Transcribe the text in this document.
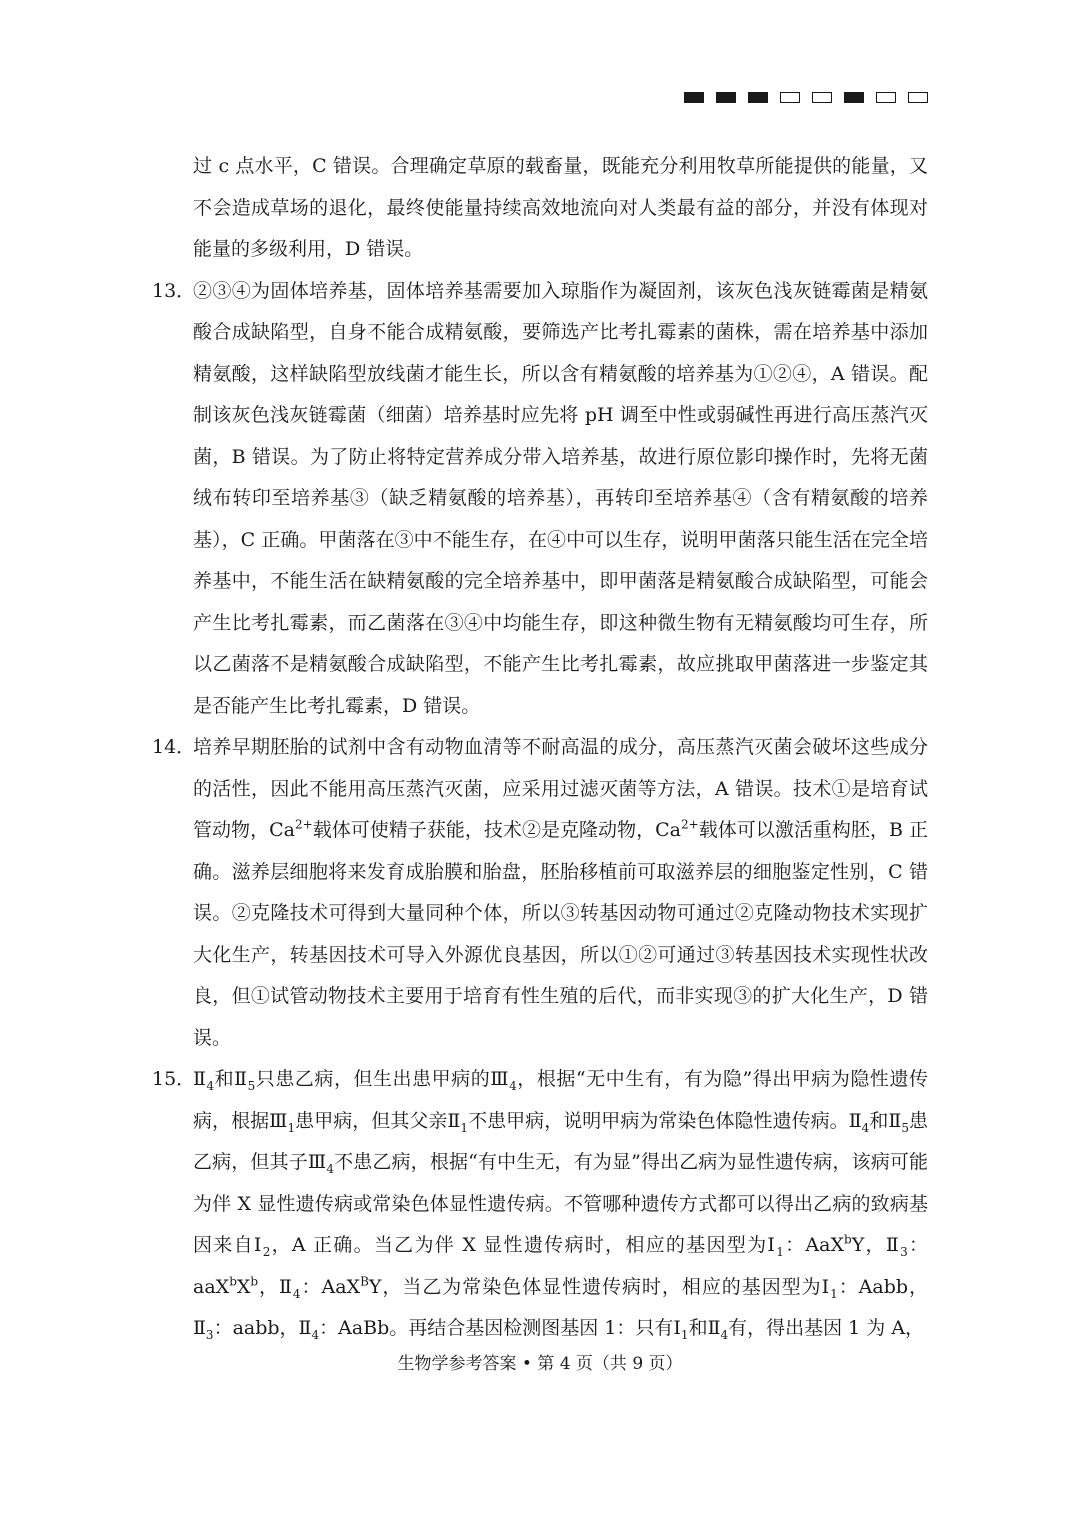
过 c 点水平，C 错误。合理确定草原的载畜量，既能充分利用牧草所能提供的能量，又不会造成草场的退化，最终使能量持续高效地流向对人类最有益的部分，并没有体现对能量的多级利用，D 错误。

13．
②③④为固体培养基，固体培养基需要加入琼脂作为凝固剂，该灰色浅灰链霉菌是精氨酸合成缺陷型，自身不能合成精氨酸，要筛选产比考扎霉素的菌株，需在培养基中添加精氨酸，这样缺陷型放线菌才能生长，所以含有精氨酸的培养基为①②④，A 错误。配制该灰色浅灰链霉菌（细菌）培养基时应先将 pH 调至中性或弱碱性再进行高压蒸汽灭菌，B 错误。为了防止将特定营养成分带入培养基，故进行原位影印操作时，先将无菌绒布转印至培养基③（缺乏精氨酸的培养基），再转印至培养基④（含有精氨酸的培养基），C 正确。甲菌落在③中不能生存，在④中可以生存，说明甲菌落只能生活在完全培养基中，不能生活在缺精氨酸的完全培养基中，即甲菌落是精氨酸合成缺陷型，可能会产生比考扎霉素，而乙菌落在③④中均能生存，即这种微生物有无精氨酸均可生存，所以乙菌落不是精氨酸合成缺陷型，不能产生比考扎霉素，故应挑取甲菌落进一步鉴定其是否能产生比考扎霉素，D 错误。
14．
培养早期胚胎的试剂中含有动物血清等不耐高温的成分，高压蒸汽灭菌会破坏这些成分的活性，因此不能用高压蒸汽灭菌，应采用过滤灭菌等方法，A 错误。技术①是培育试管动物，$Ca^{2+}$载体可使精子获能，技术②是克隆动物，$Ca^{2+}$载体可以激活重构胚，B 正确。滋养层细胞将来发育成胎膜和胎盘，胚胎移植前可取滋养层的细胞鉴定性别，C 错误。②克隆技术可得到大量同种个体，所以③转基因动物可通过②克隆动物技术实现扩大化生产，转基因技术可导入外源优良基因，所以①②可通过③转基因技术实现性状改良，但①试管动物技术主要用于培育有性生殖的后代，而非实现③的扩大化生产，D 错误。
15．
$Ⅱ_4$和$Ⅱ_5$只患乙病，但生出患甲病的$Ⅲ_4$，根据“无中生有，有为隐”得出甲病为隐性遗传病，根据$Ⅲ_1$患甲病，但其父亲$Ⅱ_1$不患甲病，说明甲病为常染色体隐性遗传病。$Ⅱ_4$和$Ⅱ_5$患乙病，但其子$Ⅲ_4$不患乙病，根据“有中生无，有为显”得出乙病为显性遗传病，该病可能为伴 X 显性遗传病或常染色体显性遗传病。不管哪种遗传方式都可以得出乙病的致病基因来自$Ⅰ_2$，A 正确。当乙为伴 X 显性遗传病时，相应的基因型为$Ⅰ_1$：AaX$^b$Y，$Ⅱ_3$：$aaX^bX^b$，$Ⅱ_4$：AaX$^B$Y，当乙为常染色体显性遗传病时，相应的基因型为$Ⅰ_1$：Aabb，$Ⅱ_3$：aabb，$Ⅱ_4$：AaBb。再结合基因检测图基因 1：只有$Ⅰ_1$和$Ⅱ_4$有，得出基因 1 为 A，
生物学参考答案 • 第 4 页（共 9 页）
